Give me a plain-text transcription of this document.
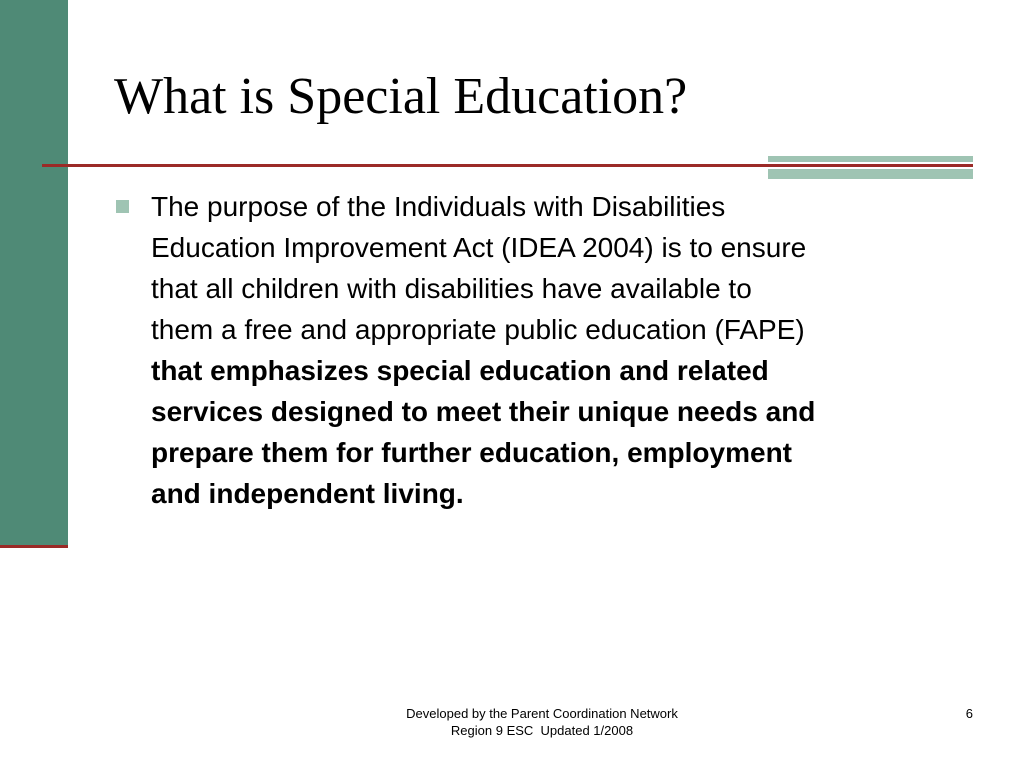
What is Special Education?

The purpose of the Individuals with Disabilities
Education Improvement Act (IDEA 2004) is to ensure
that all children with disabilities have available to
them a free and appropriate public education (FAPE)
that emphasizes special education and related
services designed to meet their unique needs and
prepare them for further education, employment
and independent living.

Developed by the Parent Coordination Network
Region 9 ESC  Updated 1/2008
6
